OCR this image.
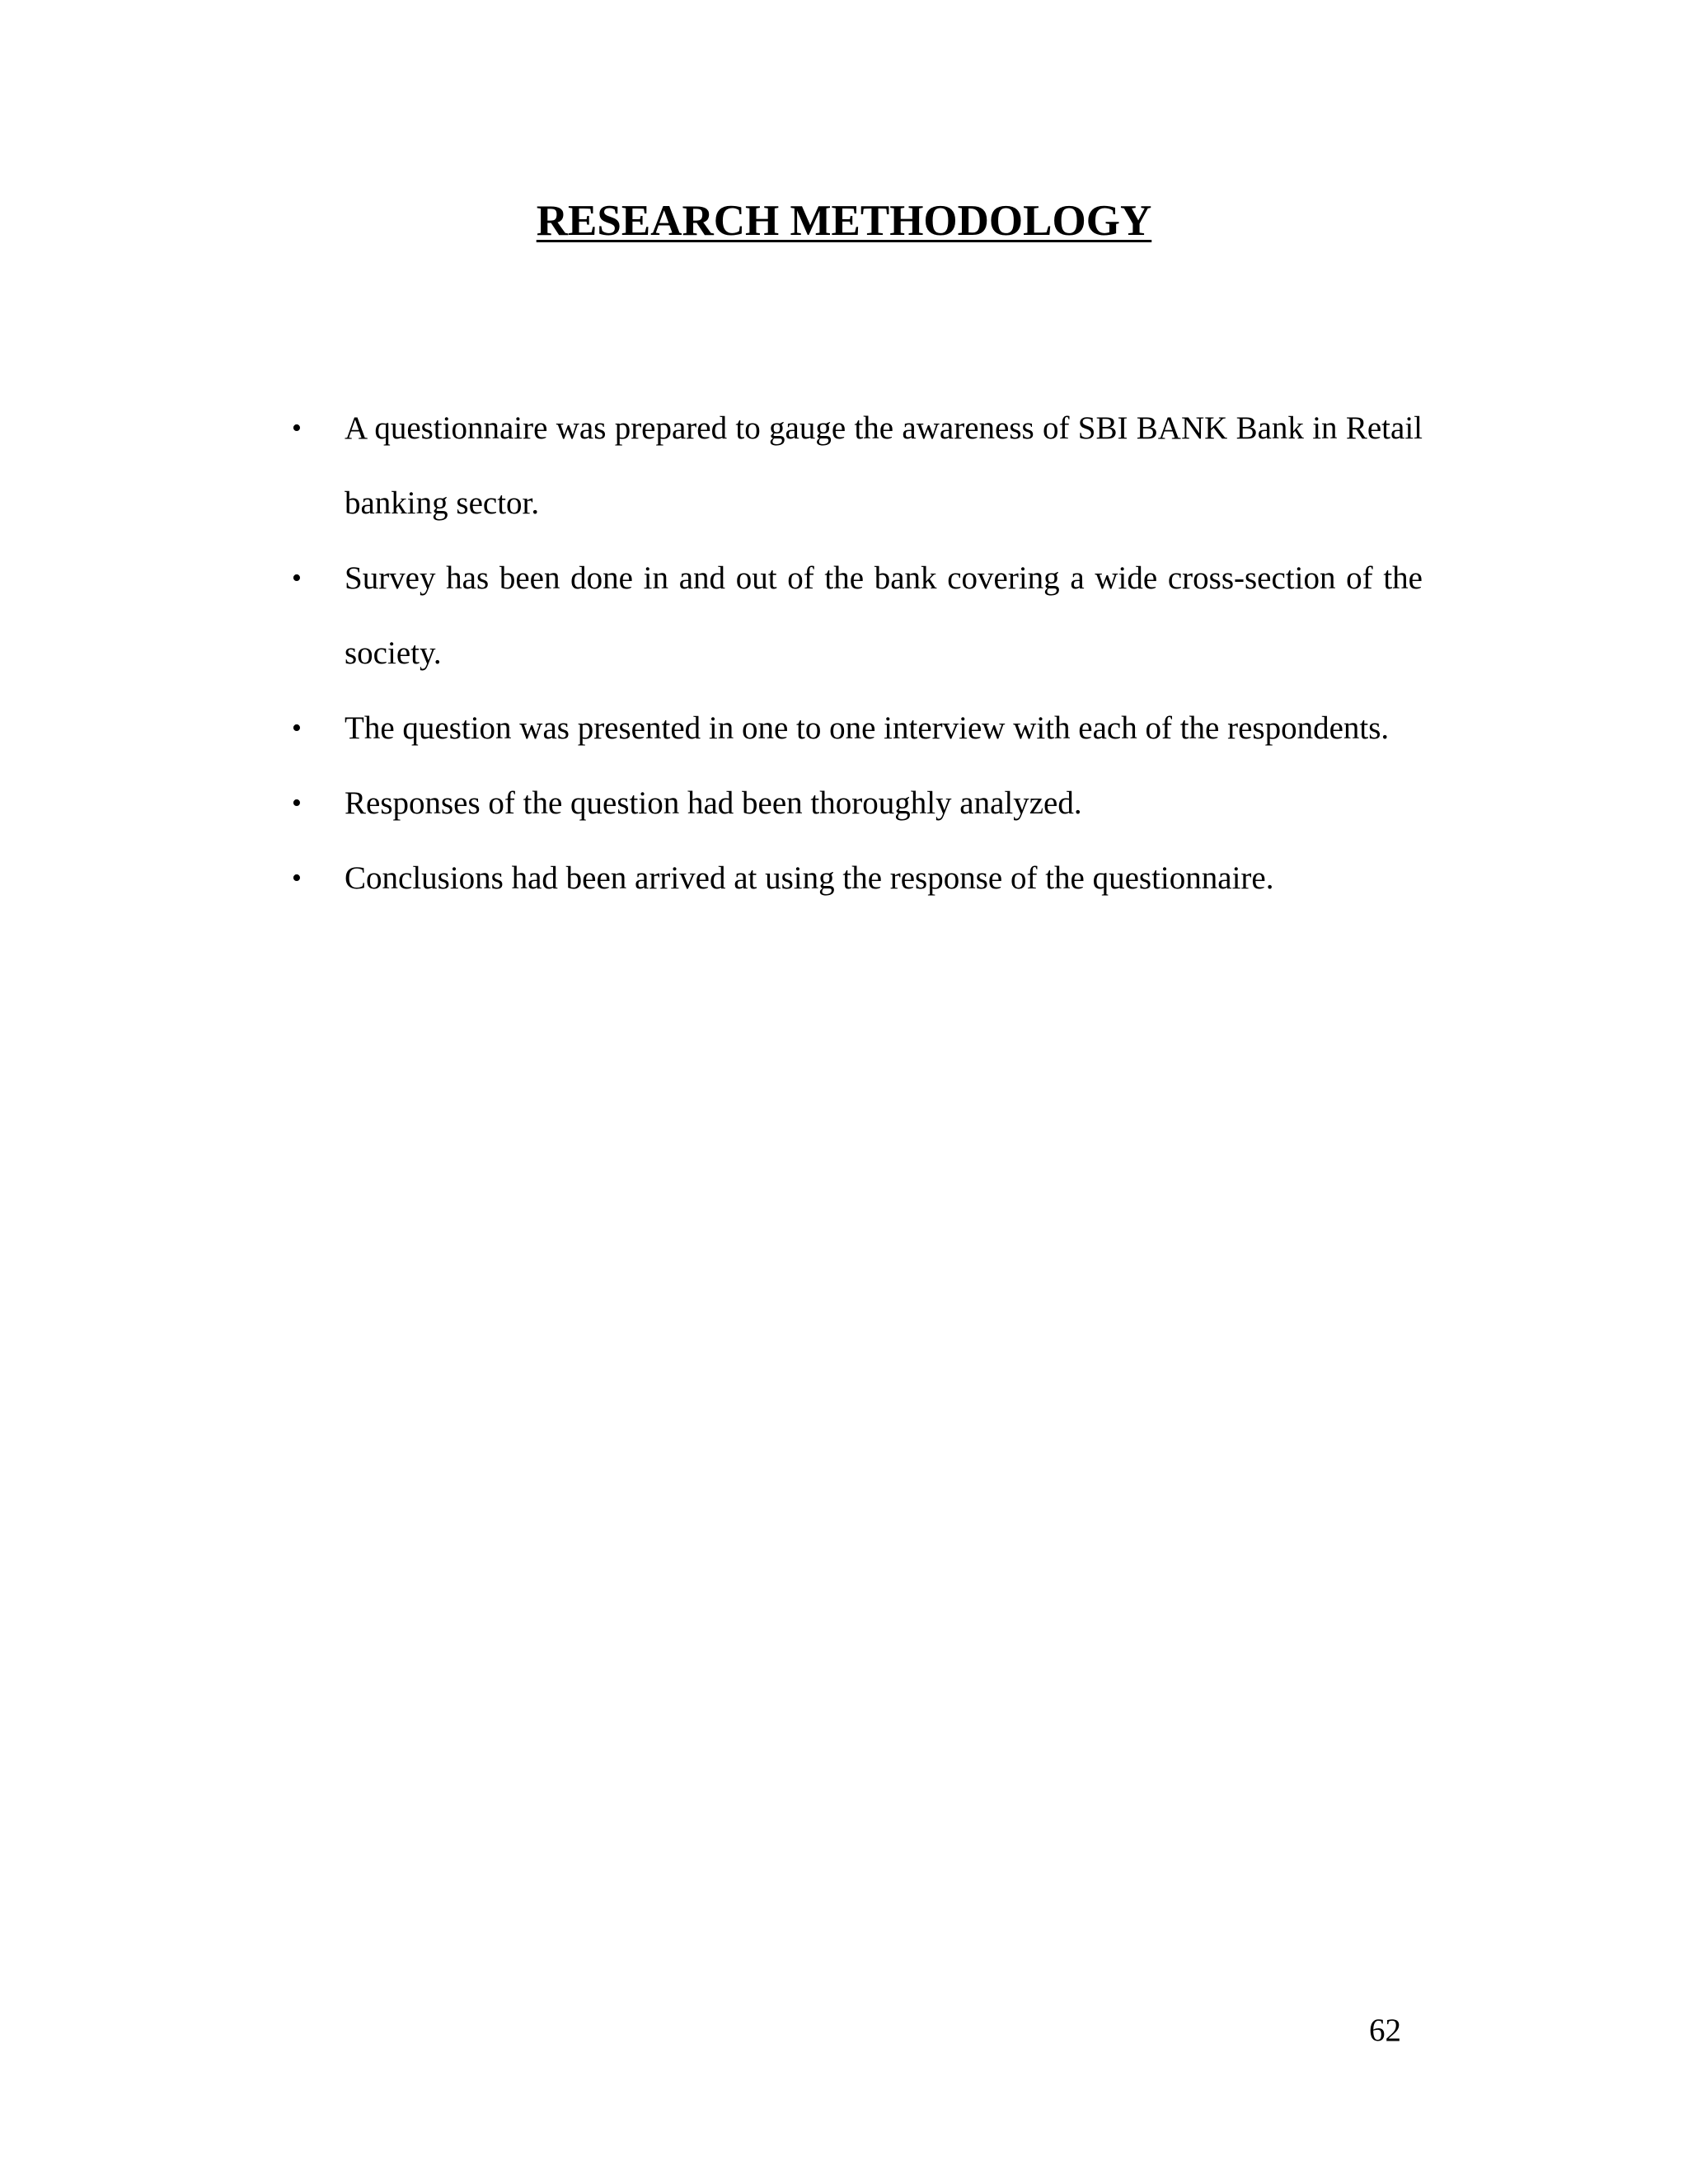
RESEARCH METHODOLOGY
•	A questionnaire was prepared to gauge the awareness of SBI BANK Bank in Retail banking sector.
•	Survey has been done in and out of the bank covering a wide cross-section of the society.
•	The question was presented in one to one interview with each of the respondents.
•	Responses of the question had been thoroughly analyzed.
•	Conclusions had been arrived at using the response of the questionnaire.

62
